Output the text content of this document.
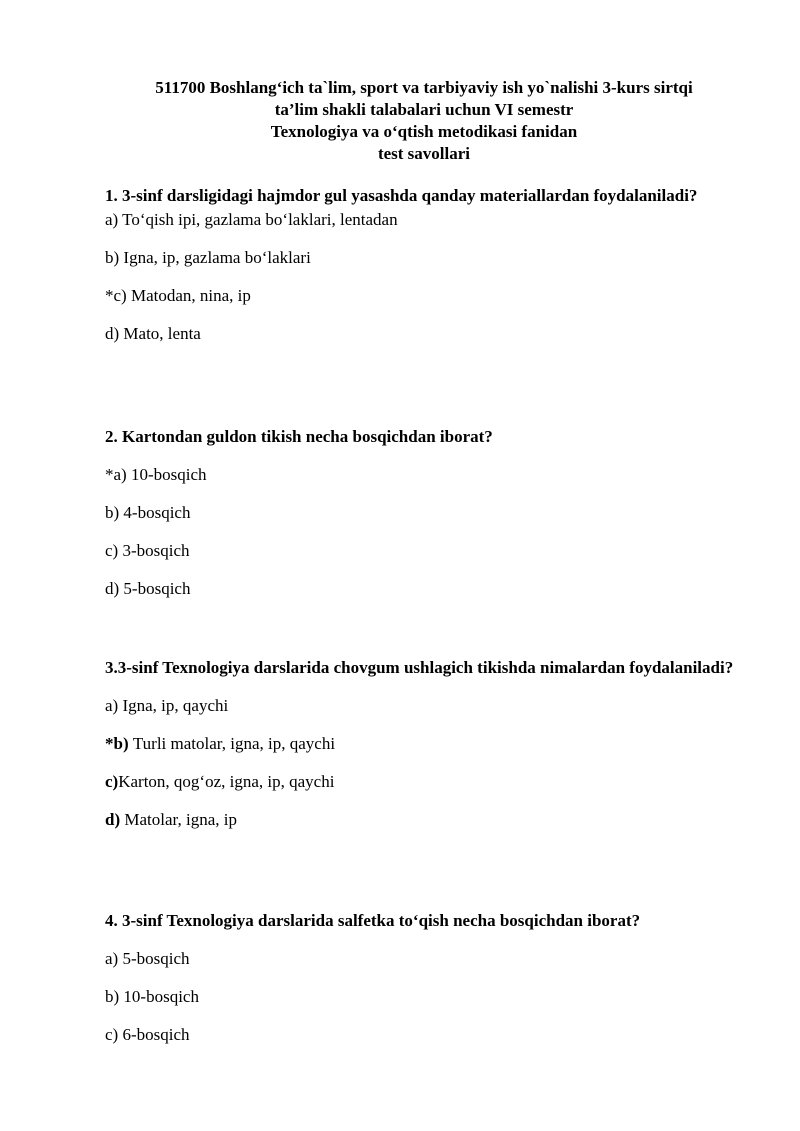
511700 Boshlang‘ich ta`lim, sport va tarbiyaviy ish yo`nalishi 3-kurs sirtqi
ta’lim shakli talabalari uchun VI semestr
Texnologiya va o‘qtish metodikasi fanidan
test savollari
1. 3-sinf darsligidagi hajmdor gul yasashda qanday materiallardan foydalaniladi?
a) To‘qish ipi, gazlama bo‘laklari, lentadan
b) Igna, ip, gazlama bo‘laklari
*c) Matodan, nina, ip
d) Mato, lenta
2. Kartondan guldon tikish necha bosqichdan iborat?
*a) 10-bosqich
b) 4-bosqich
c) 3-bosqich
d) 5-bosqich
3.3-sinf Texnologiya darslarida chovgum ushlagich tikishda nimalardan foydalaniladi?
a) Igna, ip, qaychi
*b) Turli matolar, igna, ip, qaychi
c)Karton, qog‘oz, igna, ip, qaychi
d) Matolar, igna, ip
4. 3-sinf Texnologiya darslarida salfetka to‘qish necha bosqichdan iborat?
a) 5-bosqich
b) 10-bosqich
c) 6-bosqich
